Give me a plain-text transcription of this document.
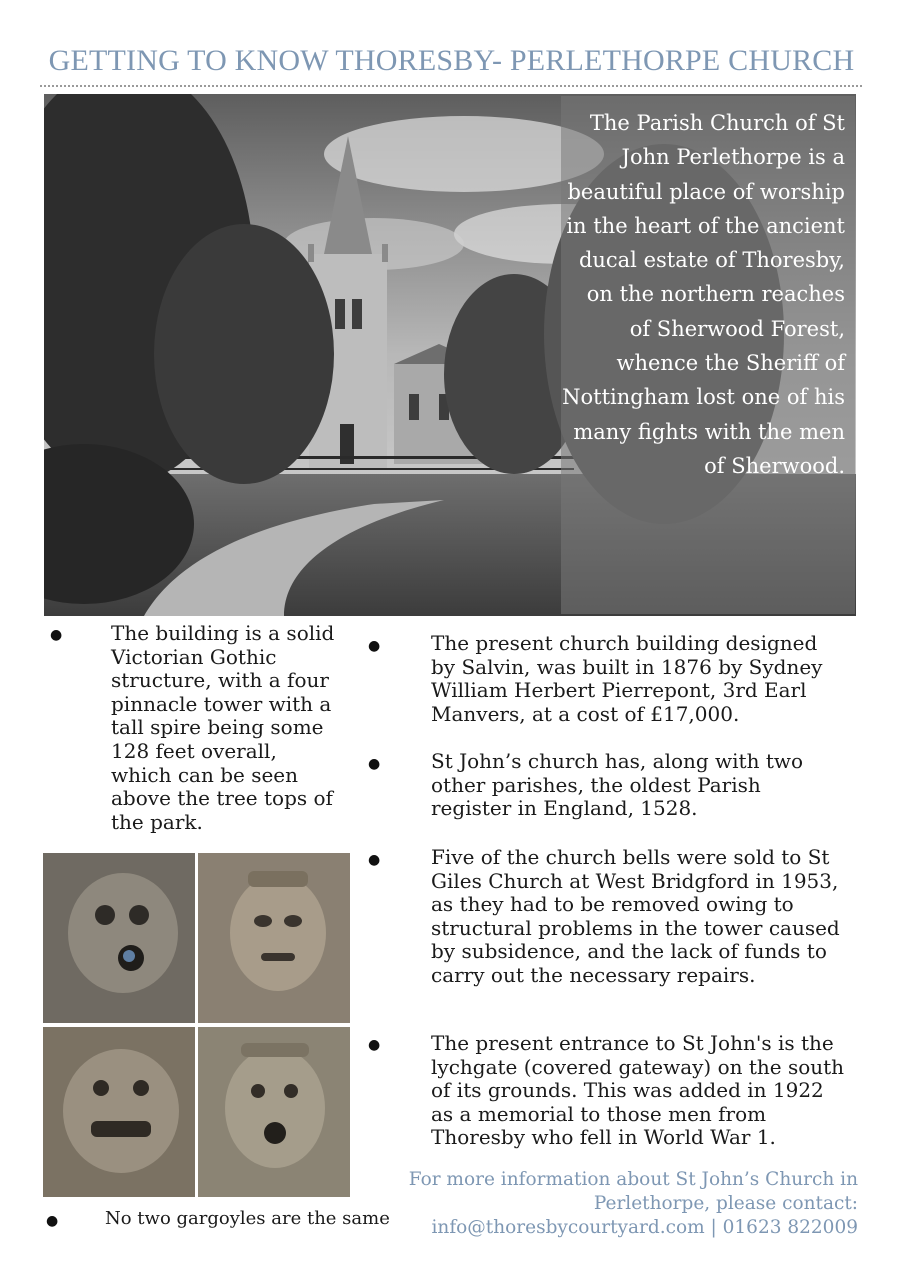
GETTING TO KNOW THORESBY- PERLETHORPE CHURCH
The Parish Church of St John Perlethorpe is a beautiful place of worship in the heart of the ancient ducal estate of Thoresby, on the northern reaches of Sherwood Forest, whence the Sheriff of Nottingham lost one of his many fights with the men of Sherwood.
● The building is a solid Victorian Gothic structure, with a four pinnacle tower with a tall spire being some 128 feet overall, which can be seen above the tree tops of the park.
●	The present church building designed by Salvin, was built in 1876 by Sydney William Herbert Pierrepont, 3rd Earl Manvers, at a cost of £17,000.
●	St John’s church has, along with two other parishes, the oldest Parish register in England, 1528.
●	Five of the church bells were sold to St Giles Church at West Bridgford in 1953, as they had to be removed owing to structural problems in the tower caused by subsidence, and the lack of funds to carry out the necessary repairs.
●	The present entrance to St John's is the lychgate (covered gateway) on the south of its grounds. This was added in 1922 as a memorial to those men from Thoresby who fell in World War 1.
●	No two gargoyles are the same
For more information about St John’s Church in Perlethorpe, please contact:
info@thoresbycourtyard.com | 01623 822009
